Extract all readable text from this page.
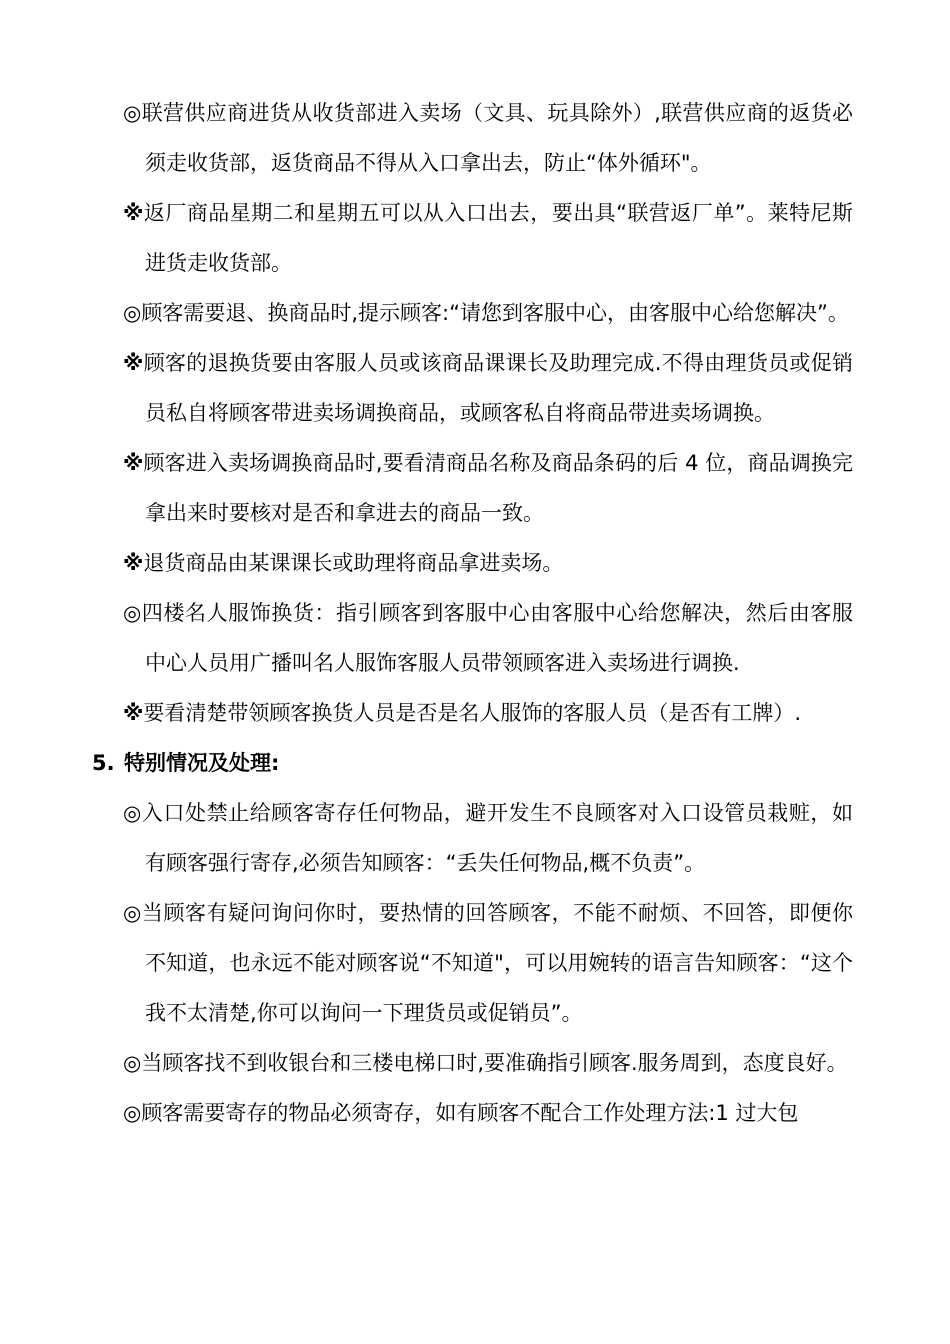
◎联营供应商进货从收货部进入卖场（文具、玩具除外）,联营供应商的返货必须走收货部，返货商品不得从入口拿出去，防止“体外循环"。
※返厂商品星期二和星期五可以从入口出去，要出具“联营返厂单”。莱特尼斯进货走收货部。
◎顾客需要退、换商品时,提示顾客:“请您到客服中心，由客服中心给您解决”。
※顾客的退换货要由客服人员或该商品课课长及助理完成.不得由理货员或促销员私自将顾客带进卖场调换商品，或顾客私自将商品带进卖场调换。
※顾客进入卖场调换商品时,要看清商品名称及商品条码的后 4 位，商品调换完拿出来时要核对是否和拿进去的商品一致。
※退货商品由某课课长或助理将商品拿进卖场。
◎四楼名人服饰换货：指引顾客到客服中心由客服中心给您解决，然后由客服中心人员用广播叫名人服饰客服人员带领顾客进入卖场进行调换.
※要看清楚带领顾客换货人员是否是名人服饰的客服人员（是否有工牌）.
5. 特别情况及处理:
◎入口处禁止给顾客寄存任何物品，避开发生不良顾客对入口设管员栽赃，如有顾客强行寄存,必须告知顾客：“丢失任何物品,概不负责”。
◎当顾客有疑问询问你时，要热情的回答顾客，不能不耐烦、不回答，即便你不知道，也永远不能对顾客说“不知道"，可以用婉转的语言告知顾客：“这个我不太清楚,你可以询问一下理货员或促销员”。
◎当顾客找不到收银台和三楼电梯口时,要准确指引顾客.服务周到，态度良好。
◎顾客需要寄存的物品必须寄存，如有顾客不配合工作处理方法:1 过大包
